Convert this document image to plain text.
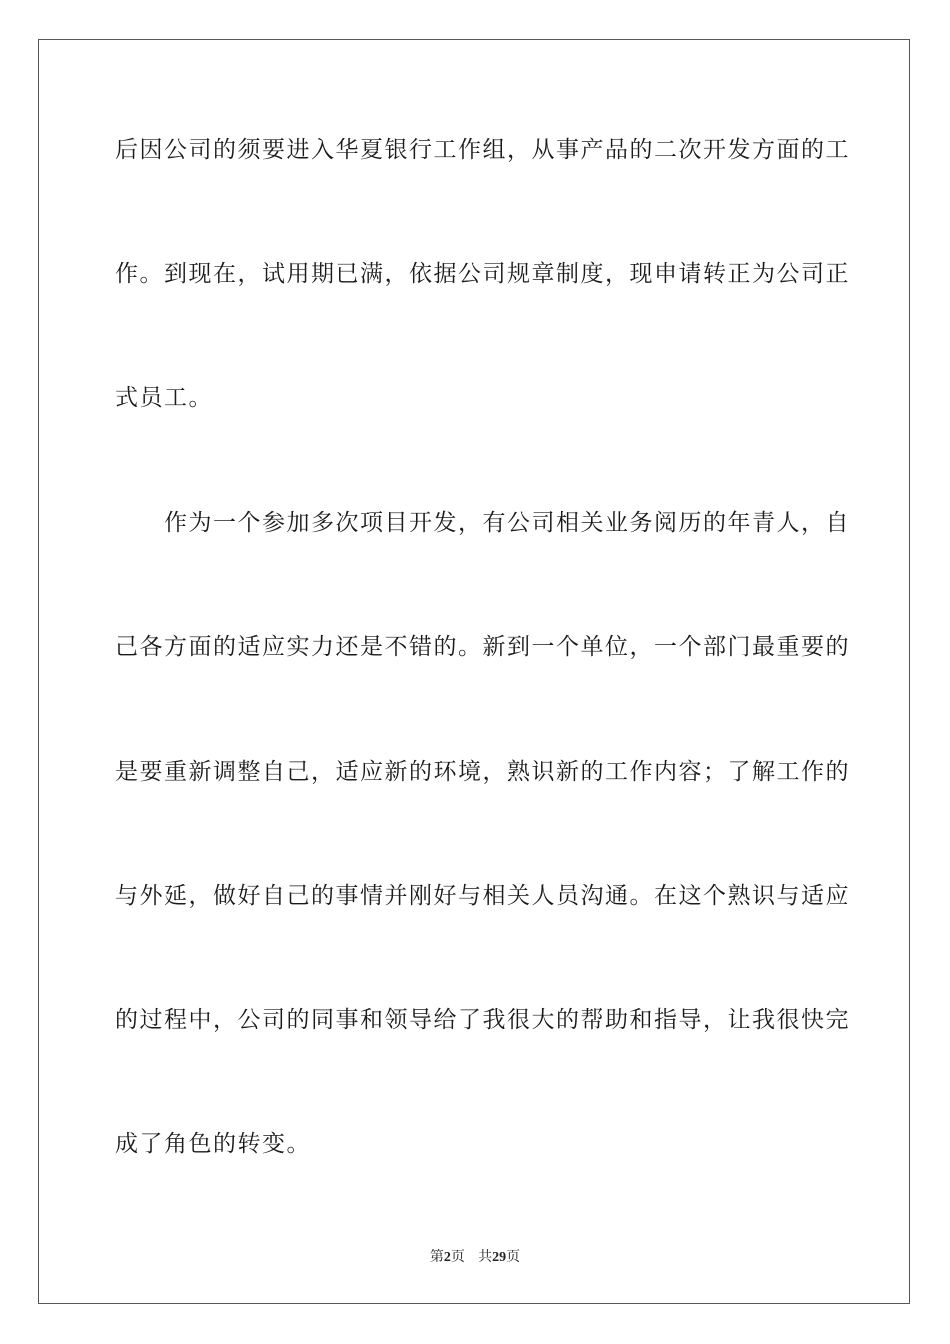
后因公司的须要进入华夏银行工作组，从事产品的二次开发方面的工
作。到现在，试用期已满，依据公司规章制度，现申请转正为公司正
式员工。
作为一个参加多次项目开发，有公司相关业务阅历的年青人，自
己各方面的适应实力还是不错的。新到一个单位，一个部门最重要的
是要重新调整自己，适应新的环境，熟识新的工作内容；了解工作的
与外延，做好自己的事情并刚好与相关人员沟通。在这个熟识与适应
的过程中，公司的同事和领导给了我很大的帮助和指导，让我很快完
成了角色的转变。
第2页 共29页
